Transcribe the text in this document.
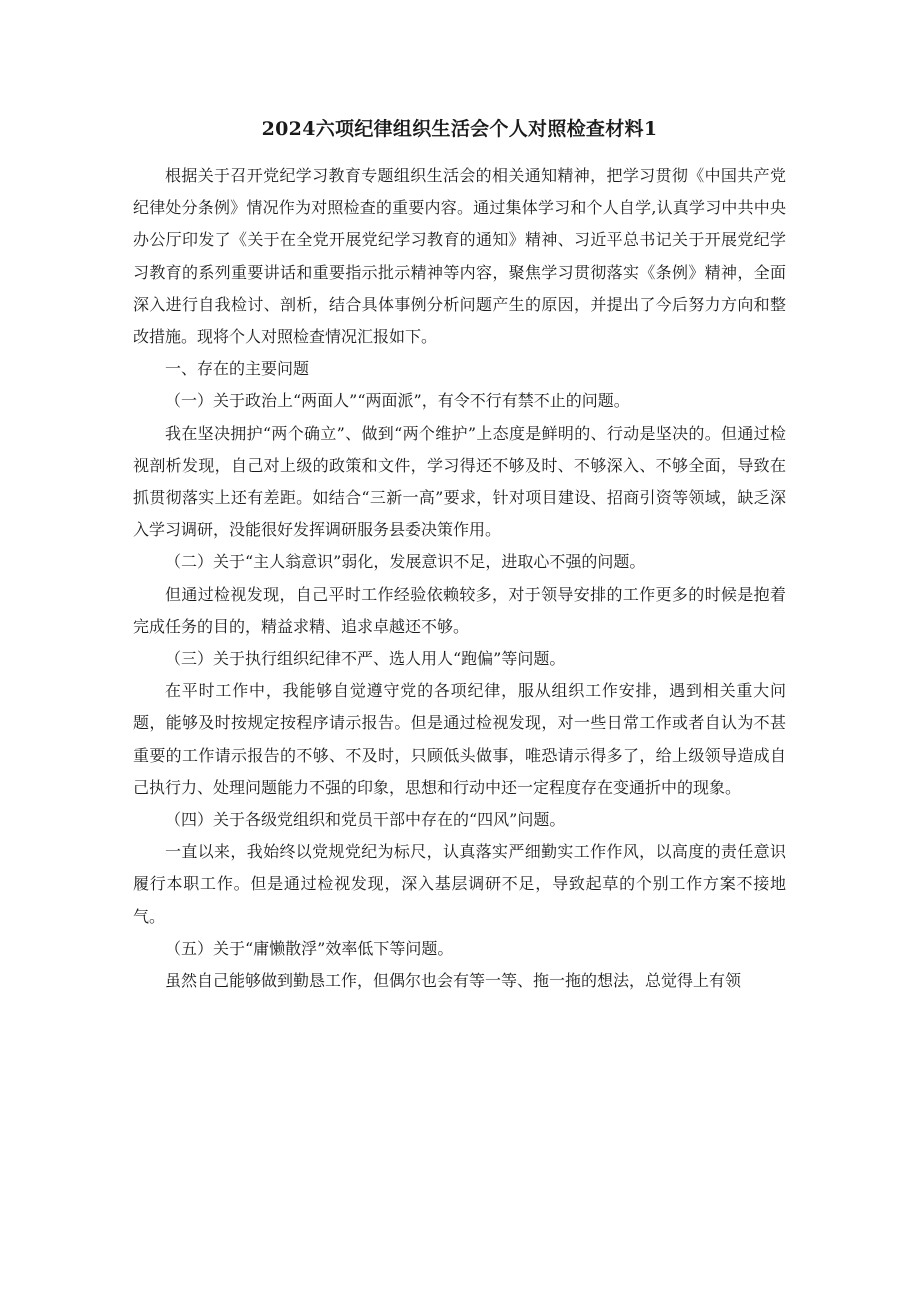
2024六项纪律组织生活会个人对照检查材料1

根据关于召开党纪学习教育专题组织生活会的相关通知精神，把学习贯彻《中国共产党纪律处分条例》情况作为对照检查的重要内容。通过集体学习和个人自学,认真学习中共中央办公厅印发了《关于在全党开展党纪学习教育的通知》精神、习近平总书记关于开展党纪学习教育的系列重要讲话和重要指示批示精神等内容，聚焦学习贯彻落实《条例》精神，全面深入进行自我检讨、剖析，结合具体事例分析问题产生的原因，并提出了今后努力方向和整改措施。现将个人对照检查情况汇报如下。

一、存在的主要问题

（一）关于政治上“两面人”“两面派”，有令不行有禁不止的问题。

我在坚决拥护“两个确立”、做到“两个维护”上态度是鲜明的、行动是坚决的。但通过检视剖析发现，自己对上级的政策和文件，学习得还不够及时、不够深入、不够全面，导致在抓贯彻落实上还有差距。如结合“三新一高”要求，针对项目建设、招商引资等领域，缺乏深入学习调研，没能很好发挥调研服务县委决策作用。

（二）关于“主人翁意识”弱化，发展意识不足，进取心不强的问题。

但通过检视发现，自己平时工作经验依赖较多，对于领导安排的工作更多的时候是抱着完成任务的目的，精益求精、追求卓越还不够。

（三）关于执行组织纪律不严、选人用人“跑偏”等问题。

在平时工作中，我能够自觉遵守党的各项纪律，服从组织工作安排，遇到相关重大问题，能够及时按规定按程序请示报告。但是通过检视发现，对一些日常工作或者自认为不甚重要的工作请示报告的不够、不及时，只顾低头做事，唯恐请示得多了，给上级领导造成自己执行力、处理问题能力不强的印象，思想和行动中还一定程度存在变通折中的现象。

（四）关于各级党组织和党员干部中存在的“四风”问题。

一直以来，我始终以党规党纪为标尺，认真落实严细勤实工作作风，以高度的责任意识履行本职工作。但是通过检视发现，深入基层调研不足，导致起草的个别工作方案不接地气。

（五）关于“庸懒散浮”效率低下等问题。

虽然自己能够做到勤恳工作，但偶尔也会有等一等、拖一拖的想法，总觉得上有领
